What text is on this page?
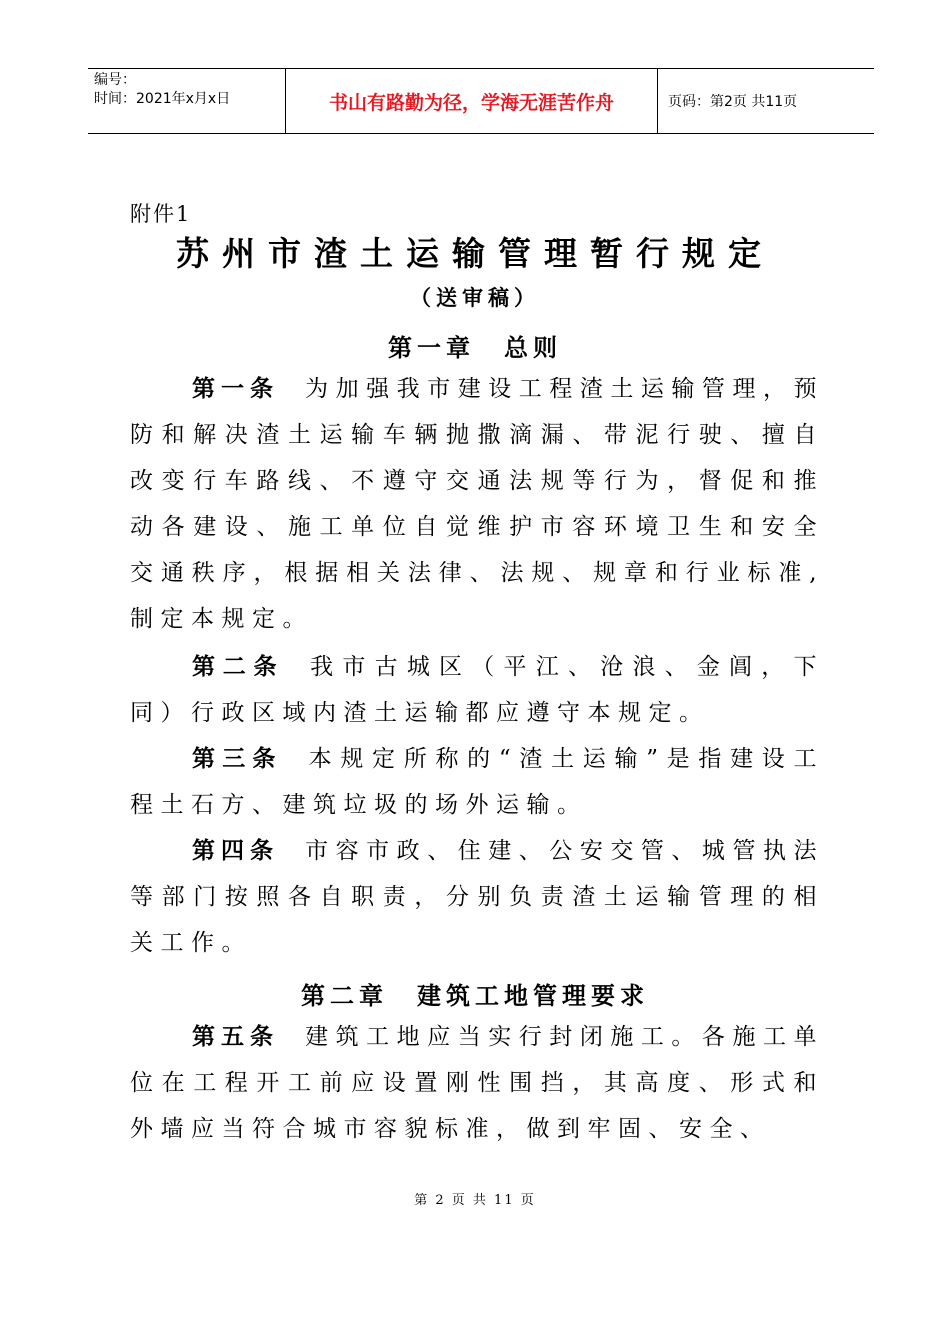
编号：
时间：2021年x月x日	书山有路勤为径，学海无涯苦作舟	页码：第2页 共11页
附件1
苏州市渣土运输管理暂行规定
（送审稿）
第一章　总则

第一条 为加强我市建设工程渣土运输管理，预防和解决渣土运输车辆抛撒滴漏、带泥行驶、擅自改变行车路线、不遵守交通法规等行为，督促和推动各建设、施工单位自觉维护市容环境卫生和安全交通秩序，根据相关法律、法规、规章和行业标准,制定本规定。

第二条 我市古城区（平江、沧浪、金阊，下同）行政区域内渣土运输都应遵守本规定。

第三条 本规定所称的“渣土运输”是指建设工程土石方、建筑垃圾的场外运输。

第四条 市容市政、住建、公安交管、城管执法等部门按照各自职责，分别负责渣土运输管理的相关工作。

第二章　建筑工地管理要求

第五条 建筑工地应当实行封闭施工。各施工单位在工程开工前应设置刚性围挡，其高度、形式和外墙应当符合城市容貌标准，做到牢固、安全、

第 2 页 共 11 页
